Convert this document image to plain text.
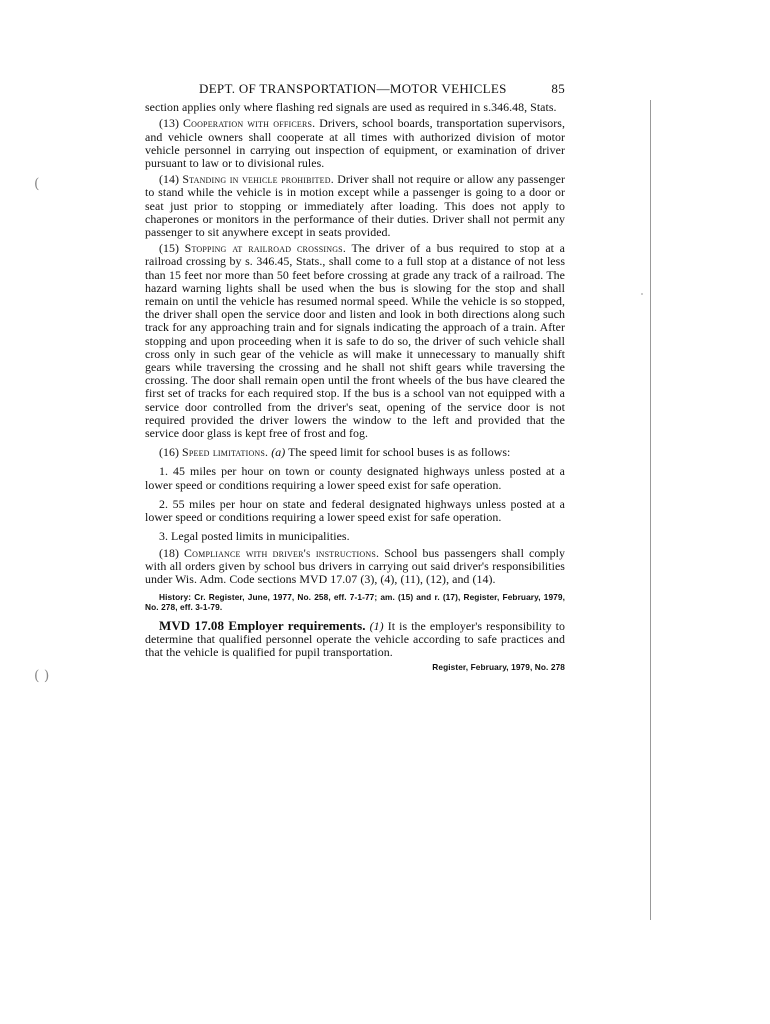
(
( )
DEPT. OF TRANSPORTATION—MOTOR VEHICLES	85

section applies only where flashing red signals are used as required in s.346.48, Stats.

(13) Cooperation with officers. Drivers, school boards, transportation supervisors, and vehicle owners shall cooperate at all times with authorized division of motor vehicle personnel in carrying out inspection of equipment, or examination of driver pursuant to law or to divisional rules.

(14) Standing in vehicle prohibited. Driver shall not require or allow any passenger to stand while the vehicle is in motion except while a passenger is going to a door or seat just prior to stopping or immediately after loading. This does not apply to chaperones or monitors in the performance of their duties. Driver shall not permit any passenger to sit anywhere except in seats provided.

(15) Stopping at railroad crossings. The driver of a bus required to stop at a railroad crossing by s. 346.45, Stats., shall come to a full stop at a distance of not less than 15 feet nor more than 50 feet before crossing at grade any track of a railroad. The hazard warning lights shall be used when the bus is slowing for the stop and shall remain on until the vehicle has resumed normal speed. While the vehicle is so stopped, the driver shall open the service door and listen and look in both directions along such track for any approaching train and for signals indicating the approach of a train. After stopping and upon proceeding when it is safe to do so, the driver of such vehicle shall cross only in such gear of the vehicle as will make it unnecessary to manually shift gears while traversing the crossing and he shall not shift gears while traversing the crossing. The door shall remain open until the front wheels of the bus have cleared the first set of tracks for each required stop. If the bus is a school van not equipped with a service door controlled from the driver's seat, opening of the service door is not required provided the driver lowers the window to the left and provided that the service door glass is kept free of frost and fog.

(16) Speed limitations. (a) The speed limit for school buses is as follows:

1. 45 miles per hour on town or county designated highways unless posted at a lower speed or conditions requiring a lower speed exist for safe operation.

2. 55 miles per hour on state and federal designated highways unless posted at a lower speed or conditions requiring a lower speed exist for safe operation.

3. Legal posted limits in municipalities.

(18) Compliance with driver's instructions. School bus passengers shall comply with all orders given by school bus drivers in carrying out said driver's responsibilities under Wis. Adm. Code sections MVD 17.07 (3), (4), (11), (12), and (14).

History: Cr. Register, June, 1977, No. 258, eff. 7-1-77; am. (15) and r. (17), Register, February, 1979, No. 278, eff. 3-1-79.

MVD 17.08 Employer requirements. (1) It is the employer's responsibility to determine that qualified personnel operate the vehicle according to safe practices and that the vehicle is qualified for pupil transportation.

Register, February, 1979, No. 278
